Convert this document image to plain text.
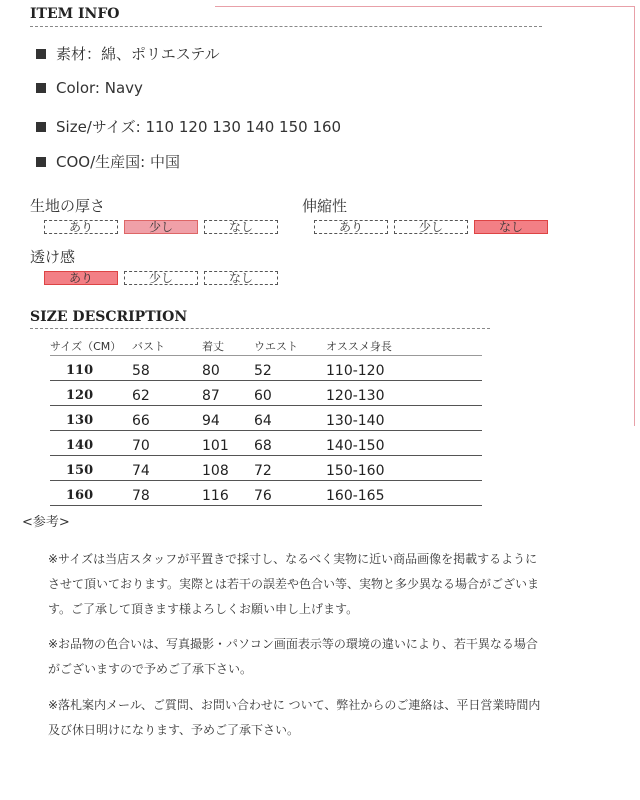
ITEM INFO
素材：綿、ポリエステル
Color: Navy
Size/サイズ: 110 120 130 140 150 160
COO/生産国: 中国
生地の厚さ
あり	少し	なし
伸縮性
あり	少し	なし
透け感
あり	少し	なし
SIZE DESCRIPTION
サイズ（CM） バスト	着丈	ウエスト	オススメ身長
110	58	80	52	110-120
120	62	87	60	120-130
130	66	94	64	130-140
140	70	101	68	140-150
150	74	108	72	150-160
160	78	116	76	160-165
<参考>
※サイズは当店スタッフが平置きで採寸し、なるべく実物に近い商品画像を掲載するようにさせて頂いております。実際とは若干の誤差や色合い等、実物と多少異なる場合がございます。ご了承して頂きます様よろしくお願い申し上げます。
※お品物の色合いは、写真撮影・パソコン画面表示等の環境の違いにより、若干異なる場合がございますので予めご了承下さい。
※落札案内メール、ご質問、お問い合わせに ついて、弊社からのご連絡は、平日営業時間内及び休日明けになります、予めご了承下さい。
